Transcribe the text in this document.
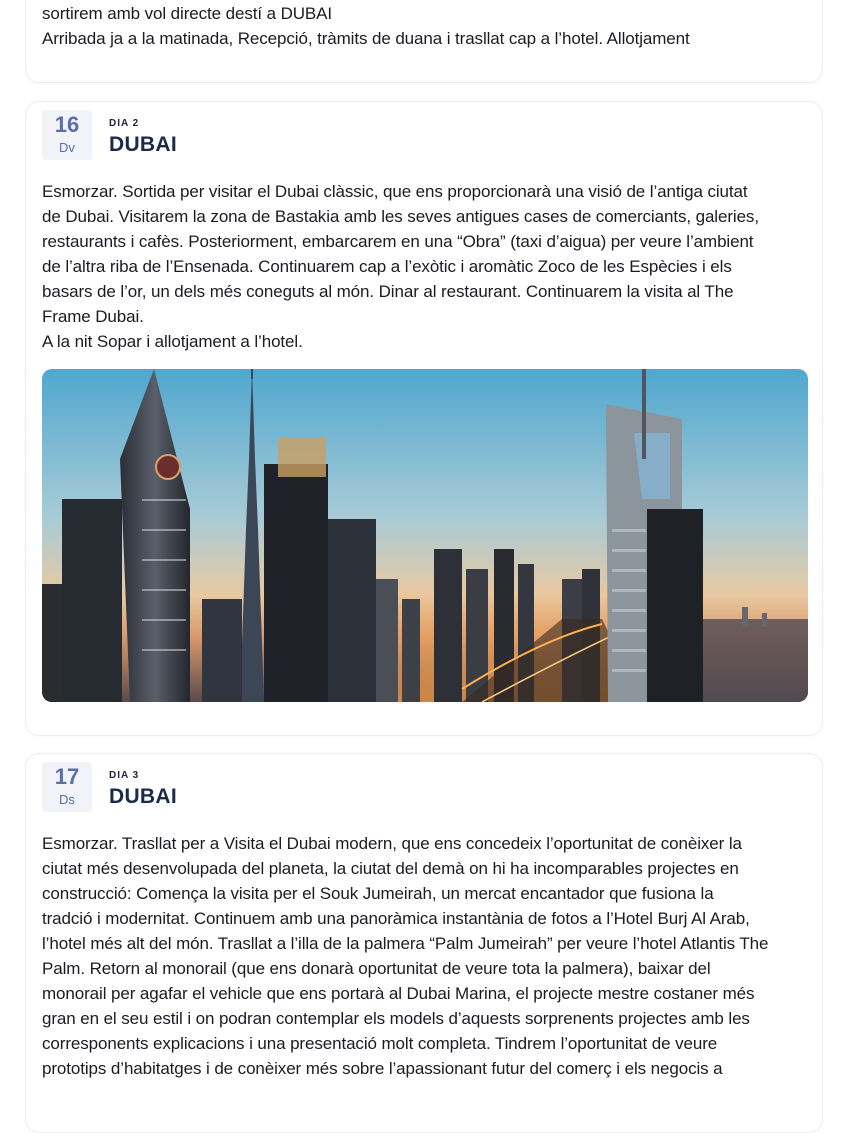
sortirem amb vol directe destí a DUBAI

Arribada ja a la matinada, Recepció, tràmits de duana i trasllat cap a l’hotel. Allotjament

16
Dv
DIA 2
DUBAI

Esmorzar. Sortida per visitar el Dubai clàssic, que ens proporcionarà una visió de l’antiga ciutat

de Dubai. Visitarem la zona de Bastakia amb les seves antigues cases de comerciants, galeries,

restaurants i cafès. Posteriorment, embarcarem en una “Obra” (taxi d’aigua) per veure l’ambient

de l’altra riba de l’Ensenada. Continuarem cap a l’exòtic i aromàtic Zoco de les Espècies i els

basars de l’or, un dels més coneguts al món. Dinar al restaurant. Continuarem la visita al The

Frame Dubai.

A la nit Sopar i allotjament a l’hotel.

17
Ds
DIA 3
DUBAI

Esmorzar. Trasllat per a Visita el Dubai modern, que ens concedeix l’oportunitat de conèixer la

ciutat més desenvolupada del planeta, la ciutat del demà on hi ha incomparables projectes en

construcció: Comença la visita per el Souk Jumeirah, un mercat encantador que fusiona la

tradció i modernitat. Continuem amb una panoràmica instantània de fotos a l’Hotel Burj Al Arab,

l’hotel més alt del món. Trasllat a l’illa de la palmera “Palm Jumeirah” per veure l’hotel Atlantis The

Palm. Retorn al monorail (que ens donarà oportunitat de veure tota la palmera), baixar del

monorail per agafar el vehicle que ens portarà al Dubai Marina, el projecte mestre costaner més

gran en el seu estil i on podran contemplar els models d’aquests sorprenents projectes amb les

corresponents explicacions i una presentació molt completa. Tindrem l’oportunitat de veure

prototips d’habitatges i de conèixer més sobre l’apassionant futur del comerç i els negocis a
